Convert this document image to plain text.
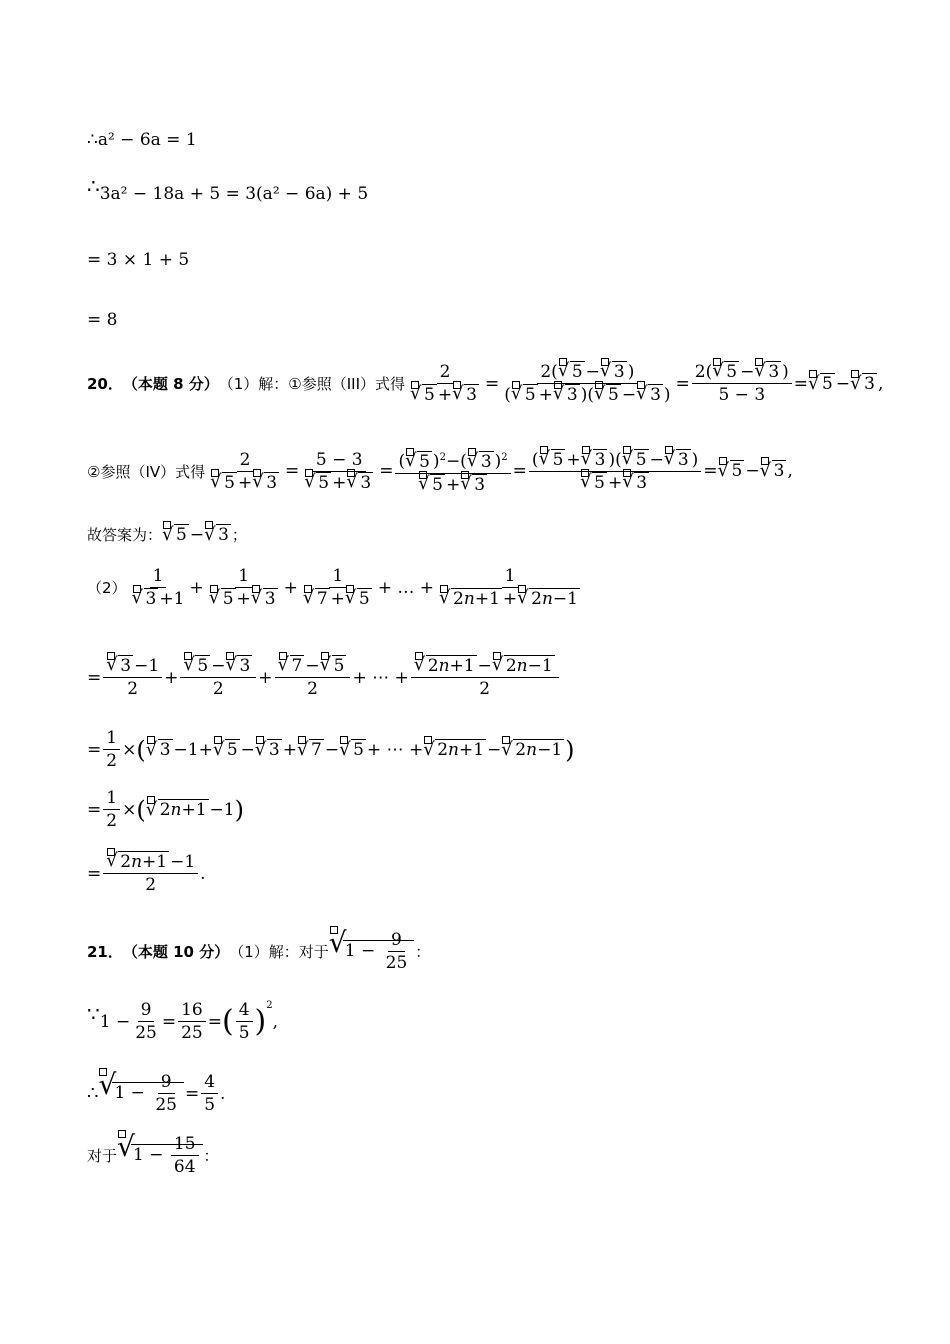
∴a² − 6a = 1
∴ 3a² − 18a + 5 = 3(a² − 6a) + 5
= 3 × 1 + 5
= 8
20． （本题 8 分） （1）解：①参照（III）式得
2
√ 5 + √ 3
=
2( √ 5 − √ 3 )
( √ 5 + √ 3 )( √ 5 − √ 3 )
=
2( √ 5 − √ 3 )
5 − 3
= √ 5 − √ 3 ,
②参照（IV）式得
2
√ 5 + √ 3
=
5 − 3
√ 5 + √ 3
= ( √ 5 )$^2$−( √ 3 )$^2$
√ 5 + √ 3
=
( √ 5 + √ 3 )( √ 5 − √ 3 )
√ 5 + √ 3
= √ 5 − √ 3 ,
故答案为： √ 5 − √ 3 ；
（2）
1
√ 3 +1
+
1
√ 5 + √ 3
+
1
√ 7 + √ 5
+ … +
1
√ 2n+1 + √ 2n−1
=
√ 3 −1
2
+
√ 5 − √ 3
2
+
√ 7 − √ 5
2
+ ⋯ +
√ 2n+1 − √ 2n−1
2
=
1
2
× ( √ 3 −1+ √ 5 − √ 3 + √ 7 − √ 5 + ⋯ + √ 2n+1 − √ 2n−1 )
=
1
2
× ( √ 2n+1 −1 )
=
√ 2n+1 −1
2
.
21． （本题 10 分） （1）解：对于 √
$1 - \frac{9}{25}$ ：
∵ 1 −
9
25
=
16
25
= ( 4
5 )$^2$
,
∴ √
$1 - \frac{9}{25}$ =
4
5
.
对于 √
$1 - \frac{15}{64}$ ：
